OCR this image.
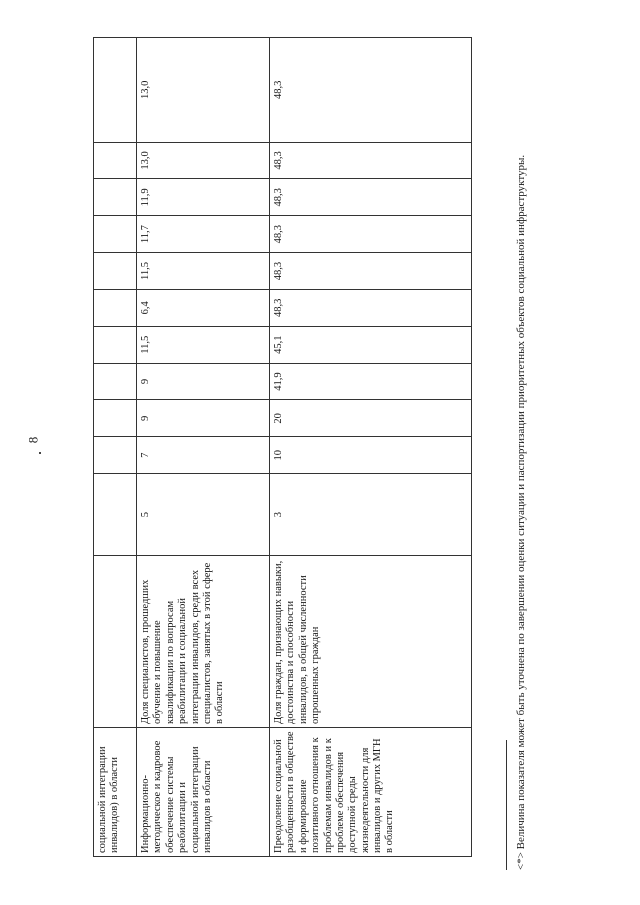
8
социальной интеграции инвалидов) в области												
Информационно-методическое и кадровое обеспечение системы реабилитации и социальной интеграции инвалидов в области	Доля специалистов, прошедших обучение и повышение квалификации по вопросам реабилитации и социальной интеграции инвалидов, среди всех специалистов, занятых в этой сфере в области	5	7	9	9	11,5	6,4	11,5	11,7	11,9	13,0	13,0
Преодоление социальной разобщенности в обществе и формирование позитивного отношения к проблемам инвалидов и к проблеме обеспечения доступной среды жизнедеятельности для инвалидов и других МГН в области	Доля граждан, признающих навыки, достоинства и способности инвалидов, в общей численности опрошенных граждан	3	10	20	41,9	45,1	48,3	48,3	48,3	48,3	48,3	48,3
<*> Величина показателя может быть уточнена по завершении оценки ситуации и паспортизации приоритетных объектов социальной инфраструктуры.
